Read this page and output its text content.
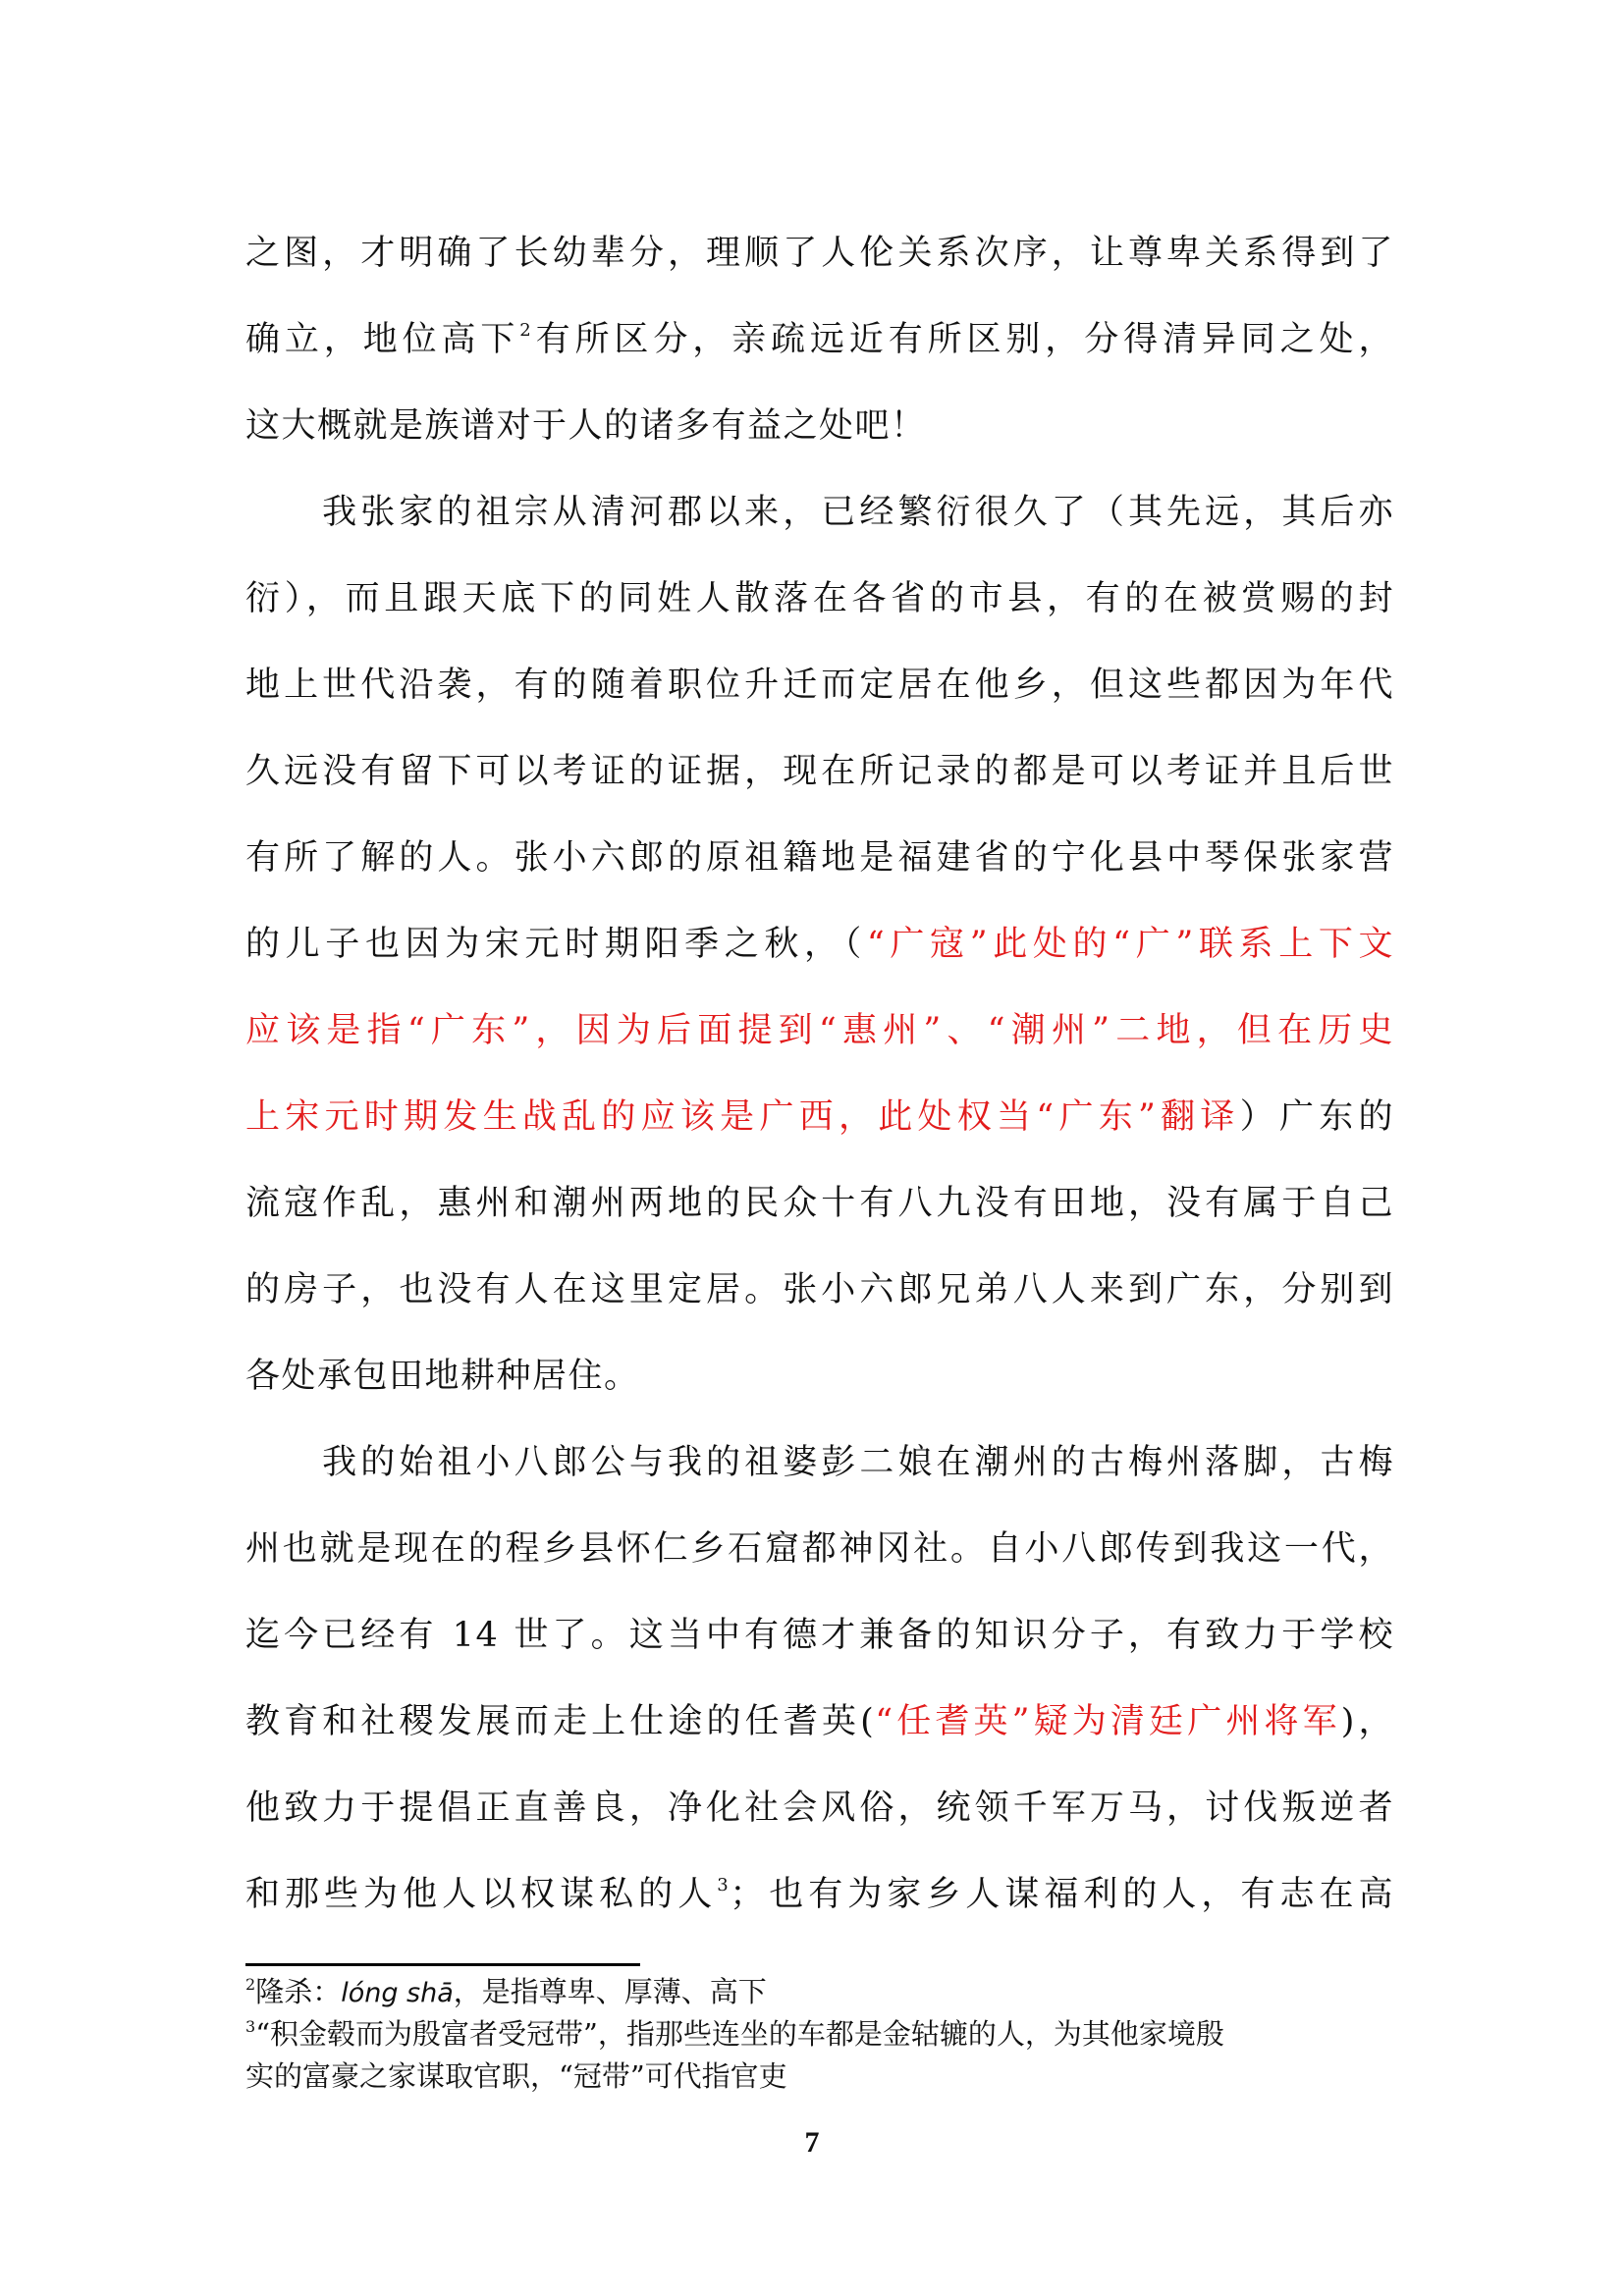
之图，才明确了长幼辈分，理顺了人伦关系次序，让尊卑关系得到了
确立，地位高下$^2$有所区分，亲疏远近有所区别，分得清异同之处，
这大概就是族谱对于人的诸多有益之处吧！
　　我张家的祖宗从清河郡以来，已经繁衍很久了（其先远，其后亦
衍），而且跟天底下的同姓人散落在各省的市县，有的在被赏赐的封
地上世代沿袭，有的随着职位升迁而定居在他乡，但这些都因为年代
久远没有留下可以考证的证据，现在所记录的都是可以考证并且后世
有所了解的人。张小六郎的原祖籍地是福建省的宁化县中琴保张家营
的儿子也因为宋元时期阳季之秋，（“广寇”此处的“广”联系上下文
应该是指“广东”，因为后面提到“惠州”、“潮州”二地，但在历史
上宋元时期发生战乱的应该是广西，此处权当“广东”翻译）广东的
流寇作乱，惠州和潮州两地的民众十有八九没有田地，没有属于自己
的房子，也没有人在这里定居。张小六郎兄弟八人来到广东，分别到
各处承包田地耕种居住。
　　我的始祖小八郎公与我的祖婆彭二娘在潮州的古梅州落脚，古梅
州也就是现在的程乡县怀仁乡石窟都神冈社。自小八郎传到我这一代，
迄今已经有 14 世了。这当中有德才兼备的知识分子，有致力于学校
教育和社稷发展而走上仕途的任耆英(“任耆英”疑为清廷广州将军)，
他致力于提倡正直善良，净化社会风俗，统领千军万马，讨伐叛逆者
和那些为他人以权谋私的人$^3$；也有为家乡人谋福利的人，有志在高
$^2$隆杀：lóng shā，是指尊卑、厚薄、高下
$^3$“积金毂而为殷富者受冠带”，指那些连坐的车都是金轱辘的人，为其他家境殷
实的富豪之家谋取官职，“冠带”可代指官吏
7
